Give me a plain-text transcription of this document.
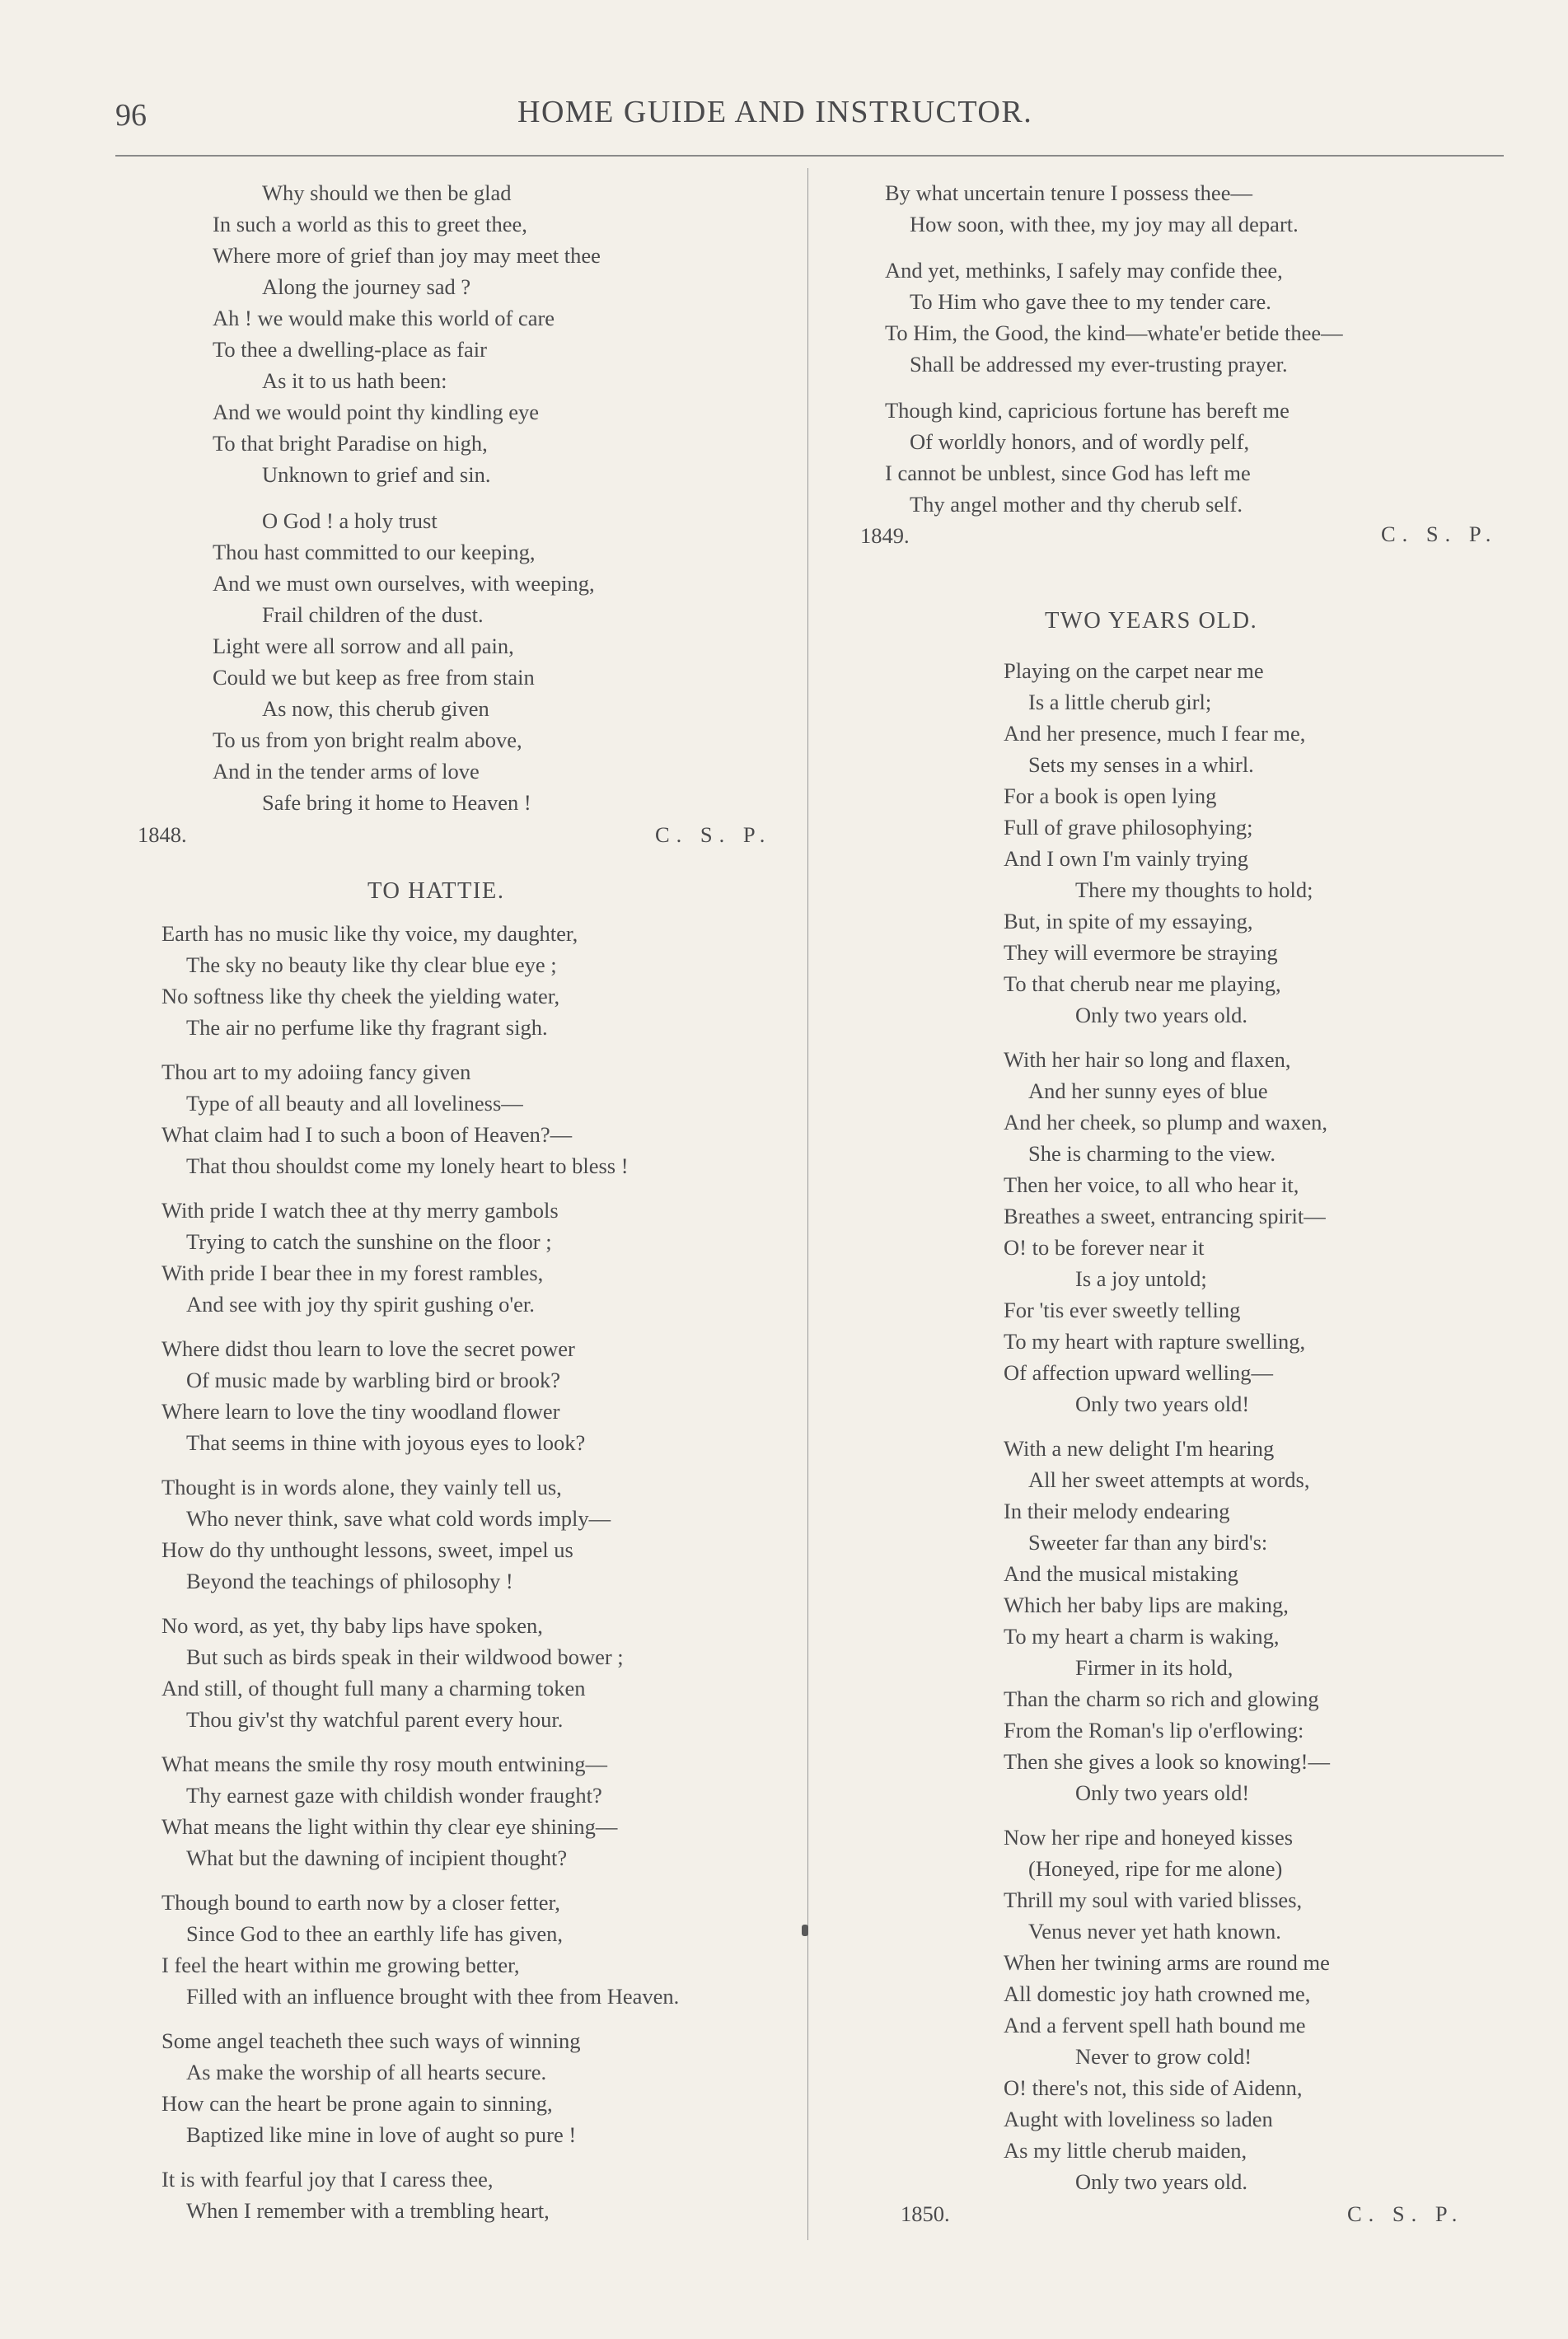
96	HOME GUIDE AND INSTRUCTOR.
Why should we then be glad
In such a world as this to greet thee,
Where more of grief than joy may meet thee
Along the journey sad ?
Ah ! we would make this world of care
To thee a dwelling-place as fair
As it to us hath been:
And we would point thy kindling eye
To that bright Paradise on high,
Unknown to grief and sin.
O God ! a holy trust
Thou hast committed to our keeping,
And we must own ourselves, with weeping,
Frail children of the dust.
Light were all sorrow and all pain,
Could we but keep as free from stain
As now, this cherub given
To us from yon bright realm above,
And in the tender arms of love
Safe bring it home to Heaven !
1848.	C. S. P.
TO HATTIE.
Earth has no music like thy voice, my daughter,
The sky no beauty like thy clear blue eye ;
No softness like thy cheek the yielding water,
The air no perfume like thy fragrant sigh.
Thou art to my adoiing fancy given
Type of all beauty and all loveliness—
What claim had I to such a boon of Heaven?—
That thou shouldst come my lonely heart to bless !
With pride I watch thee at thy merry gambols
Trying to catch the sunshine on the floor ;
With pride I bear thee in my forest rambles,
And see with joy thy spirit gushing o'er.
Where didst thou learn to love the secret power
Of music made by warbling bird or brook?
Where learn to love the tiny woodland flower
That seems in thine with joyous eyes to look?
Thought is in words alone, they vainly tell us,
Who never think, save what cold words imply—
How do thy unthought lessons, sweet, impel us
Beyond the teachings of philosophy !
No word, as yet, thy baby lips have spoken,
But such as birds speak in their wildwood bower ;
And still, of thought full many a charming token
Thou giv'st thy watchful parent every hour.
What means the smile thy rosy mouth entwining—
Thy earnest gaze with childish wonder fraught?
What means the light within thy clear eye shining—
What but the dawning of incipient thought?
Though bound to earth now by a closer fetter,
Since God to thee an earthly life has given,
I feel the heart within me growing better,
Filled with an influence brought with thee from Heaven.
Some angel teacheth thee such ways of winning
As make the worship of all hearts secure.
How can the heart be prone again to sinning,
Baptized like mine in love of aught so pure !
It is with fearful joy that I caress thee,
When I remember with a trembling heart,
By what uncertain tenure I possess thee—
How soon, with thee, my joy may all depart.
And yet, methinks, I safely may confide thee,
To Him who gave thee to my tender care.
To Him, the Good, the kind—whate'er betide thee—
Shall be addressed my ever-trusting prayer.
Though kind, capricious fortune has bereft me
Of worldly honors, and of wordly pelf,
I cannot be unblest, since God has left me
Thy angel mother and thy cherub self.
1849.	C. S. P.
TWO YEARS OLD.
Playing on the carpet near me
Is a little cherub girl;
And her presence, much I fear me,
Sets my senses in a whirl.
For a book is open lying
Full of grave philosophying;
And I own I'm vainly trying
There my thoughts to hold;
But, in spite of my essaying,
They will evermore be straying
To that cherub near me playing,
Only two years old.
With her hair so long and flaxen,
And her sunny eyes of blue
And her cheek, so plump and waxen,
She is charming to the view.
Then her voice, to all who hear it,
Breathes a sweet, entrancing spirit—
O! to be forever near it
Is a joy untold;
For 'tis ever sweetly telling
To my heart with rapture swelling,
Of affection upward welling—
Only two years old!
With a new delight I'm hearing
All her sweet attempts at words,
In their melody endearing
Sweeter far than any bird's:
And the musical mistaking
Which her baby lips are making,
To my heart a charm is waking,
Firmer in its hold,
Than the charm so rich and glowing
From the Roman's lip o'erflowing:
Then she gives a look so knowing!—
Only two years old!
Now her ripe and honeyed kisses
(Honeyed, ripe for me alone)
Thrill my soul with varied blisses,
Venus never yet hath known.
When her twining arms are round me
All domestic joy hath crowned me,
And a fervent spell hath bound me
Never to grow cold!
O! there's not, this side of Aidenn,
Aught with loveliness so laden
As my little cherub maiden,
Only two years old.
1850.	C. S. P.
